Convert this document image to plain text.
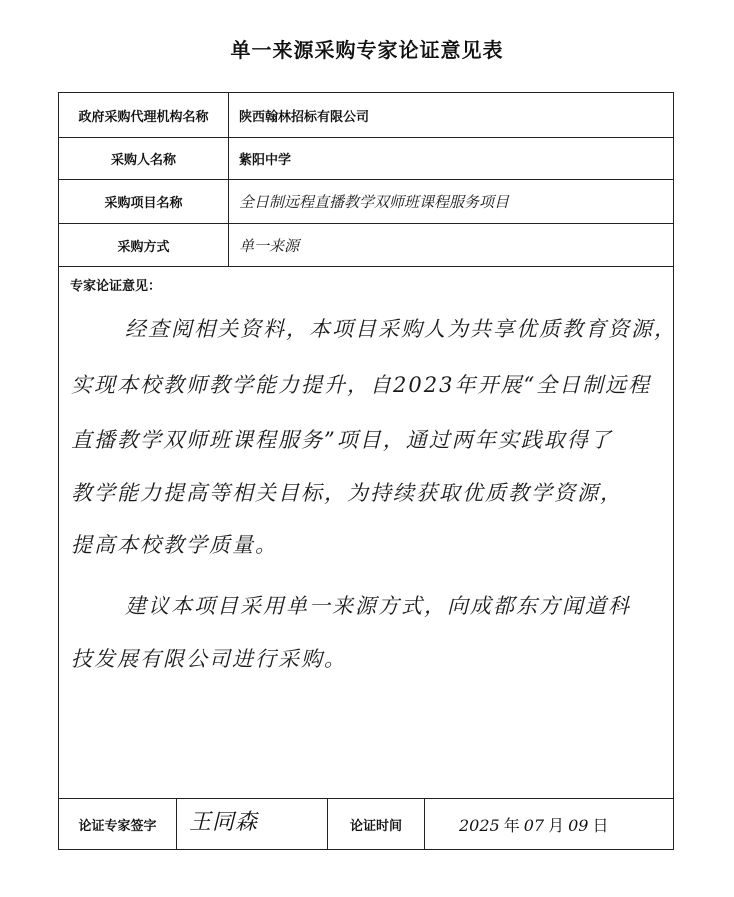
单一来源采购专家论证意见表
政府采购代理机构名称	陕西翰林招标有限公司
采购人名称	紫阳中学
采购项目名称	全日制远程直播教学双师班课程服务项目
采购方式	单一来源
专家论证意见：
经查阅相关资料，本项目采购人为共享优质教育资源，
实现本校教师教学能力提升，自2023年开展“全日制远程
直播教学双师班课程服务”项目，通过两年实践取得了
教学能力提高等相关目标，为持续获取优质教学资源，
提高本校教学质量。
建议本项目采用单一来源方式，向成都东方闻道科
技发展有限公司进行采购。
论证专家签字	王同森	论证时间	2025 年 07 月 09 日
